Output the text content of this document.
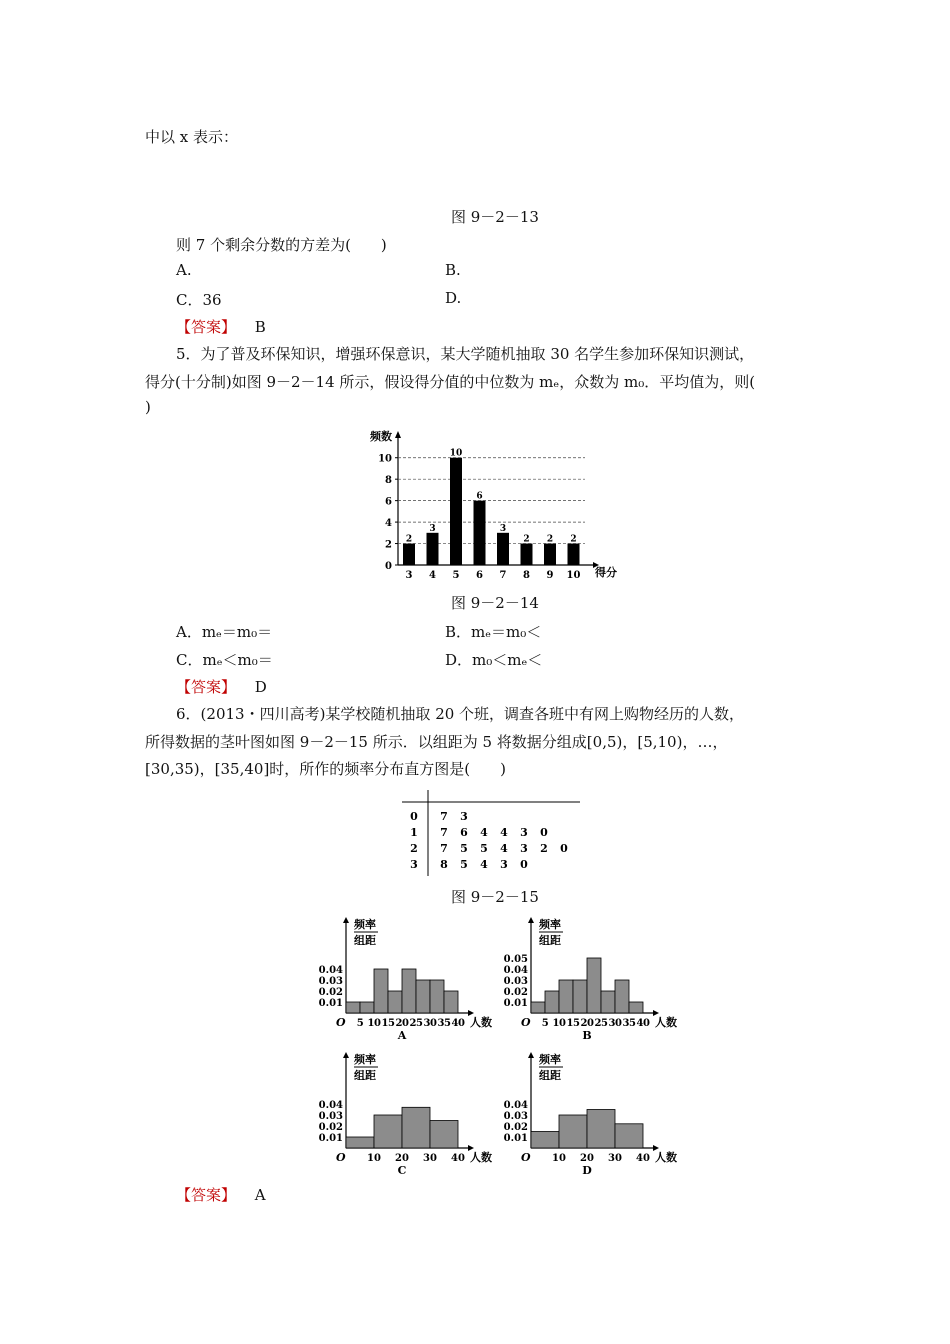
中以 x 表示：
图 9－2－13
则 7 个剩余分数的方差为(　　)
A.	B.
C．36	D.
【答案】 B
5．为了普及环保知识，增强环保意识，某大学随机抽取 30 名学生参加环保知识测试，
得分(十分制)如图 9－2－14 所示，假设得分值的中位数为 mₑ，众数为 m₀．平均值为，则(
)
频数
得分
0
2
4
6
8
10
2
3
3
4
10
5
6
6
3
7
2
8
2
9
2
10
图 9－2－14
A．mₑ＝m₀＝	B．mₑ＝m₀＜
C．mₑ＜m₀＝	D．m₀＜mₑ＜
【答案】 D
6．(2013・四川高考)某学校随机抽取 20 个班，调查各班中有网上购物经历的人数，
所得数据的茎叶图如图 9－2－15 所示．以组距为 5 将数据分组成[0,5)，[5,10)，…，
[30,35)，[35,40]时，所作的频率分布直方图是(　　)
0 7 3
1 7 6 4 4 3 0
2 7 5 5 4 3 2 0
3 8 5 4 3 0
图 9－2－15
频率
组距
O	人数
0.01
0.02
0.03
0.04
5 10 15 20 25 30 35 40
A
频率
组距
O	人数
0.01
0.02
0.03
0.04
0.05
5 10 15 20 25 30 35 40
B
频率
组距
O	人数
0.01
0.02
0.03
0.04
10 20 30 40
C
频率
组距
O	人数
0.01
0.02
0.03
0.04
10 20 30 40
D
【答案】 A
